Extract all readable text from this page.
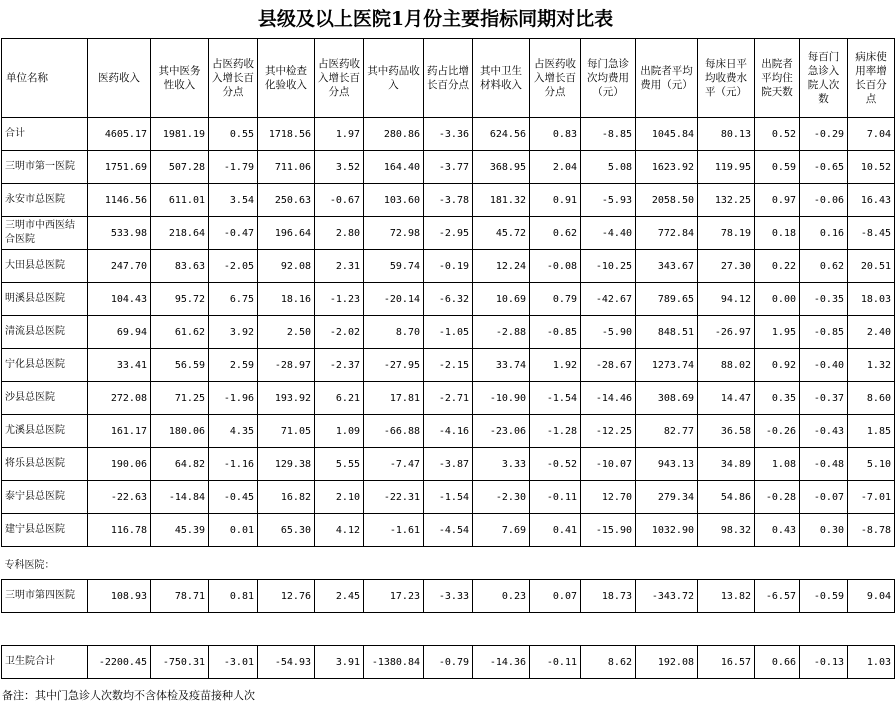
县级及以上医院1月份主要指标同期对比表
单位名称	医药收入	其中医务性收入	占医药收入增长百分点	其中检查化验收入	占医药收入增长百分点	其中药品收入	药占比增长百分点	其中卫生材料收入	占医药收入增长百分点	每门急诊次均费用（元）	出院者平均费用（元）	每床日平均收费水平（元）	出院者平均住院天数	每百门急诊入院人次数	病床使用率增长百分点
合计	4605.17	1981.19	0.55	1718.56	1.97	280.86	-3.36	624.56	0.83	-8.85	1045.84	80.13	0.52	-0.29	7.04
三明市第一医院	1751.69	507.28	-1.79	711.06	3.52	164.40	-3.77	368.95	2.04	5.08	1623.92	119.95	0.59	-0.65	10.52
永安市总医院	1146.56	611.01	3.54	250.63	-0.67	103.60	-3.78	181.32	0.91	-5.93	2058.50	132.25	0.97	-0.06	16.43
三明市中西医结合医院	533.98	218.64	-0.47	196.64	2.80	72.98	-2.95	45.72	0.62	-4.40	772.84	78.19	0.18	0.16	-8.45
大田县总医院	247.70	83.63	-2.05	92.08	2.31	59.74	-0.19	12.24	-0.08	-10.25	343.67	27.30	0.22	0.62	20.51
明溪县总医院	104.43	95.72	6.75	18.16	-1.23	-20.14	-6.32	10.69	0.79	-42.67	789.65	94.12	0.00	-0.35	18.03
清流县总医院	69.94	61.62	3.92	2.50	-2.02	8.70	-1.05	-2.88	-0.85	-5.90	848.51	-26.97	1.95	-0.85	2.40
宁化县总医院	33.41	56.59	2.59	-28.97	-2.37	-27.95	-2.15	33.74	1.92	-28.67	1273.74	88.02	0.92	-0.40	1.32
沙县总医院	272.08	71.25	-1.96	193.92	6.21	17.81	-2.71	-10.90	-1.54	-14.46	308.69	14.47	0.35	-0.37	8.60
尤溪县总医院	161.17	180.06	4.35	71.05	1.09	-66.88	-4.16	-23.06	-1.28	-12.25	82.77	36.58	-0.26	-0.43	1.85
将乐县总医院	190.06	64.82	-1.16	129.38	5.55	-7.47	-3.87	3.33	-0.52	-10.07	943.13	34.89	1.08	-0.48	5.10
泰宁县总医院	-22.63	-14.84	-0.45	16.82	2.10	-22.31	-1.54	-2.30	-0.11	12.70	279.34	54.86	-0.28	-0.07	-7.01
建宁县总医院	116.78	45.39	0.01	65.30	4.12	-1.61	-4.54	7.69	0.41	-15.90	1032.90	98.32	0.43	0.30	-8.78
专科医院：															
三明市第四医院	108.93	78.71	0.81	12.76	2.45	17.23	-3.33	0.23	0.07	18.73	-343.72	13.82	-6.57	-0.59	9.04

卫生院合计	-2200.45	-750.31	-3.01	-54.93	3.91	-1380.84	-0.79	-14.36	-0.11	8.62	192.08	16.57	0.66	-0.13	1.03
备注：其中门急诊人次数均不含体检及疫苗接种人次
